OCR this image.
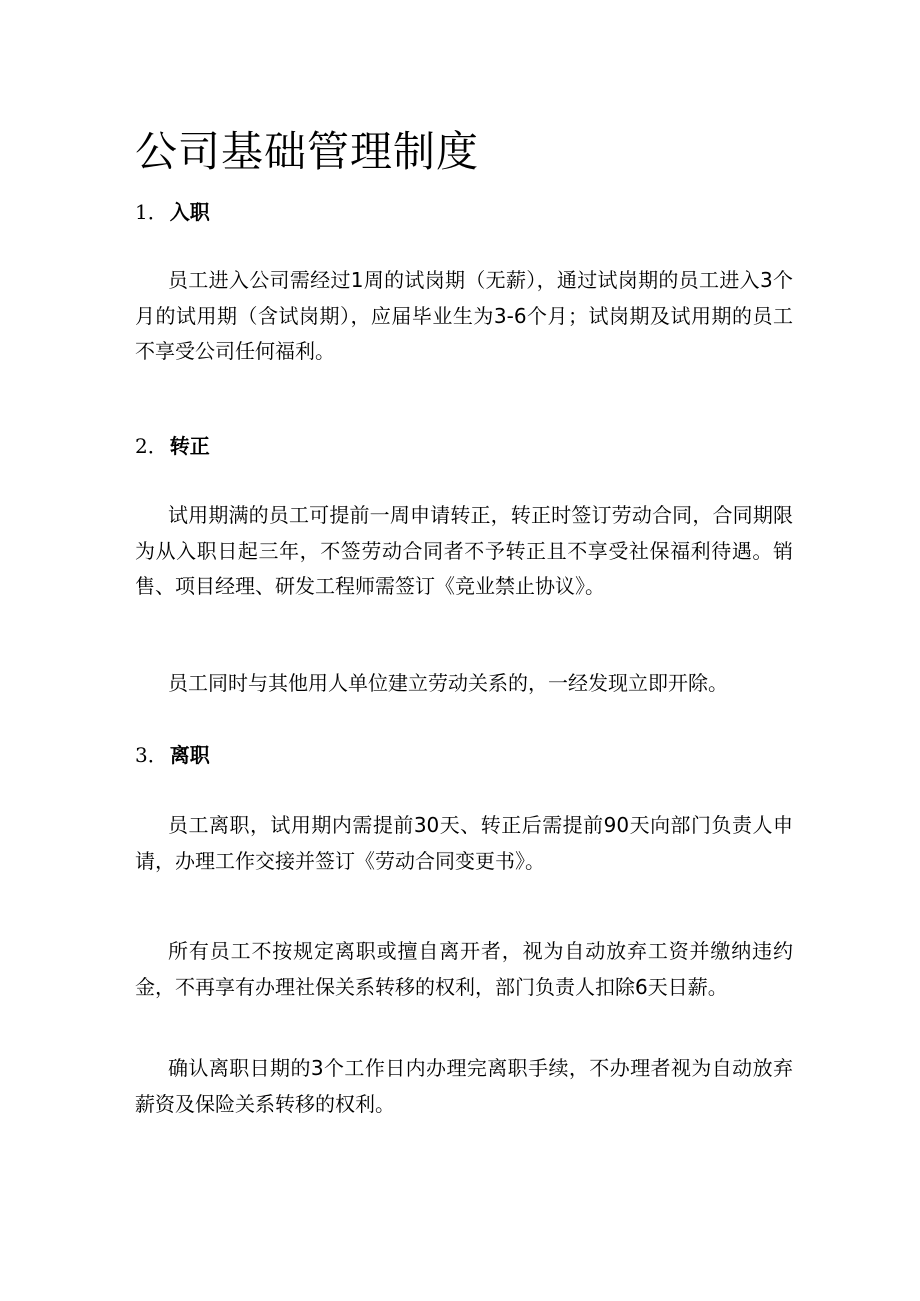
公司基础管理制度
1． 入职

员工进入公司需经过1周的试岗期（无薪），通过试岗期的员工进入3个月的试用期（含试岗期），应届毕业生为3-6个月；试岗期及试用期的员工不享受公司任何福利。

2． 转正

试用期满的员工可提前一周申请转正，转正时签订劳动合同，合同期限为从入职日起三年，不签劳动合同者不予转正且不享受社保福利待遇。销售、项目经理、研发工程师需签订《竞业禁止协议》。

员工同时与其他用人单位建立劳动关系的，一经发现立即开除。

3． 离职

员工离职，试用期内需提前30天、转正后需提前90天向部门负责人申请，办理工作交接并签订《劳动合同变更书》。

所有员工不按规定离职或擅自离开者，视为自动放弃工资并缴纳违约金，不再享有办理社保关系转移的权利，部门负责人扣除6天日薪。

确认离职日期的3个工作日内办理完离职手续，不办理者视为自动放弃薪资及保险关系转移的权利。
